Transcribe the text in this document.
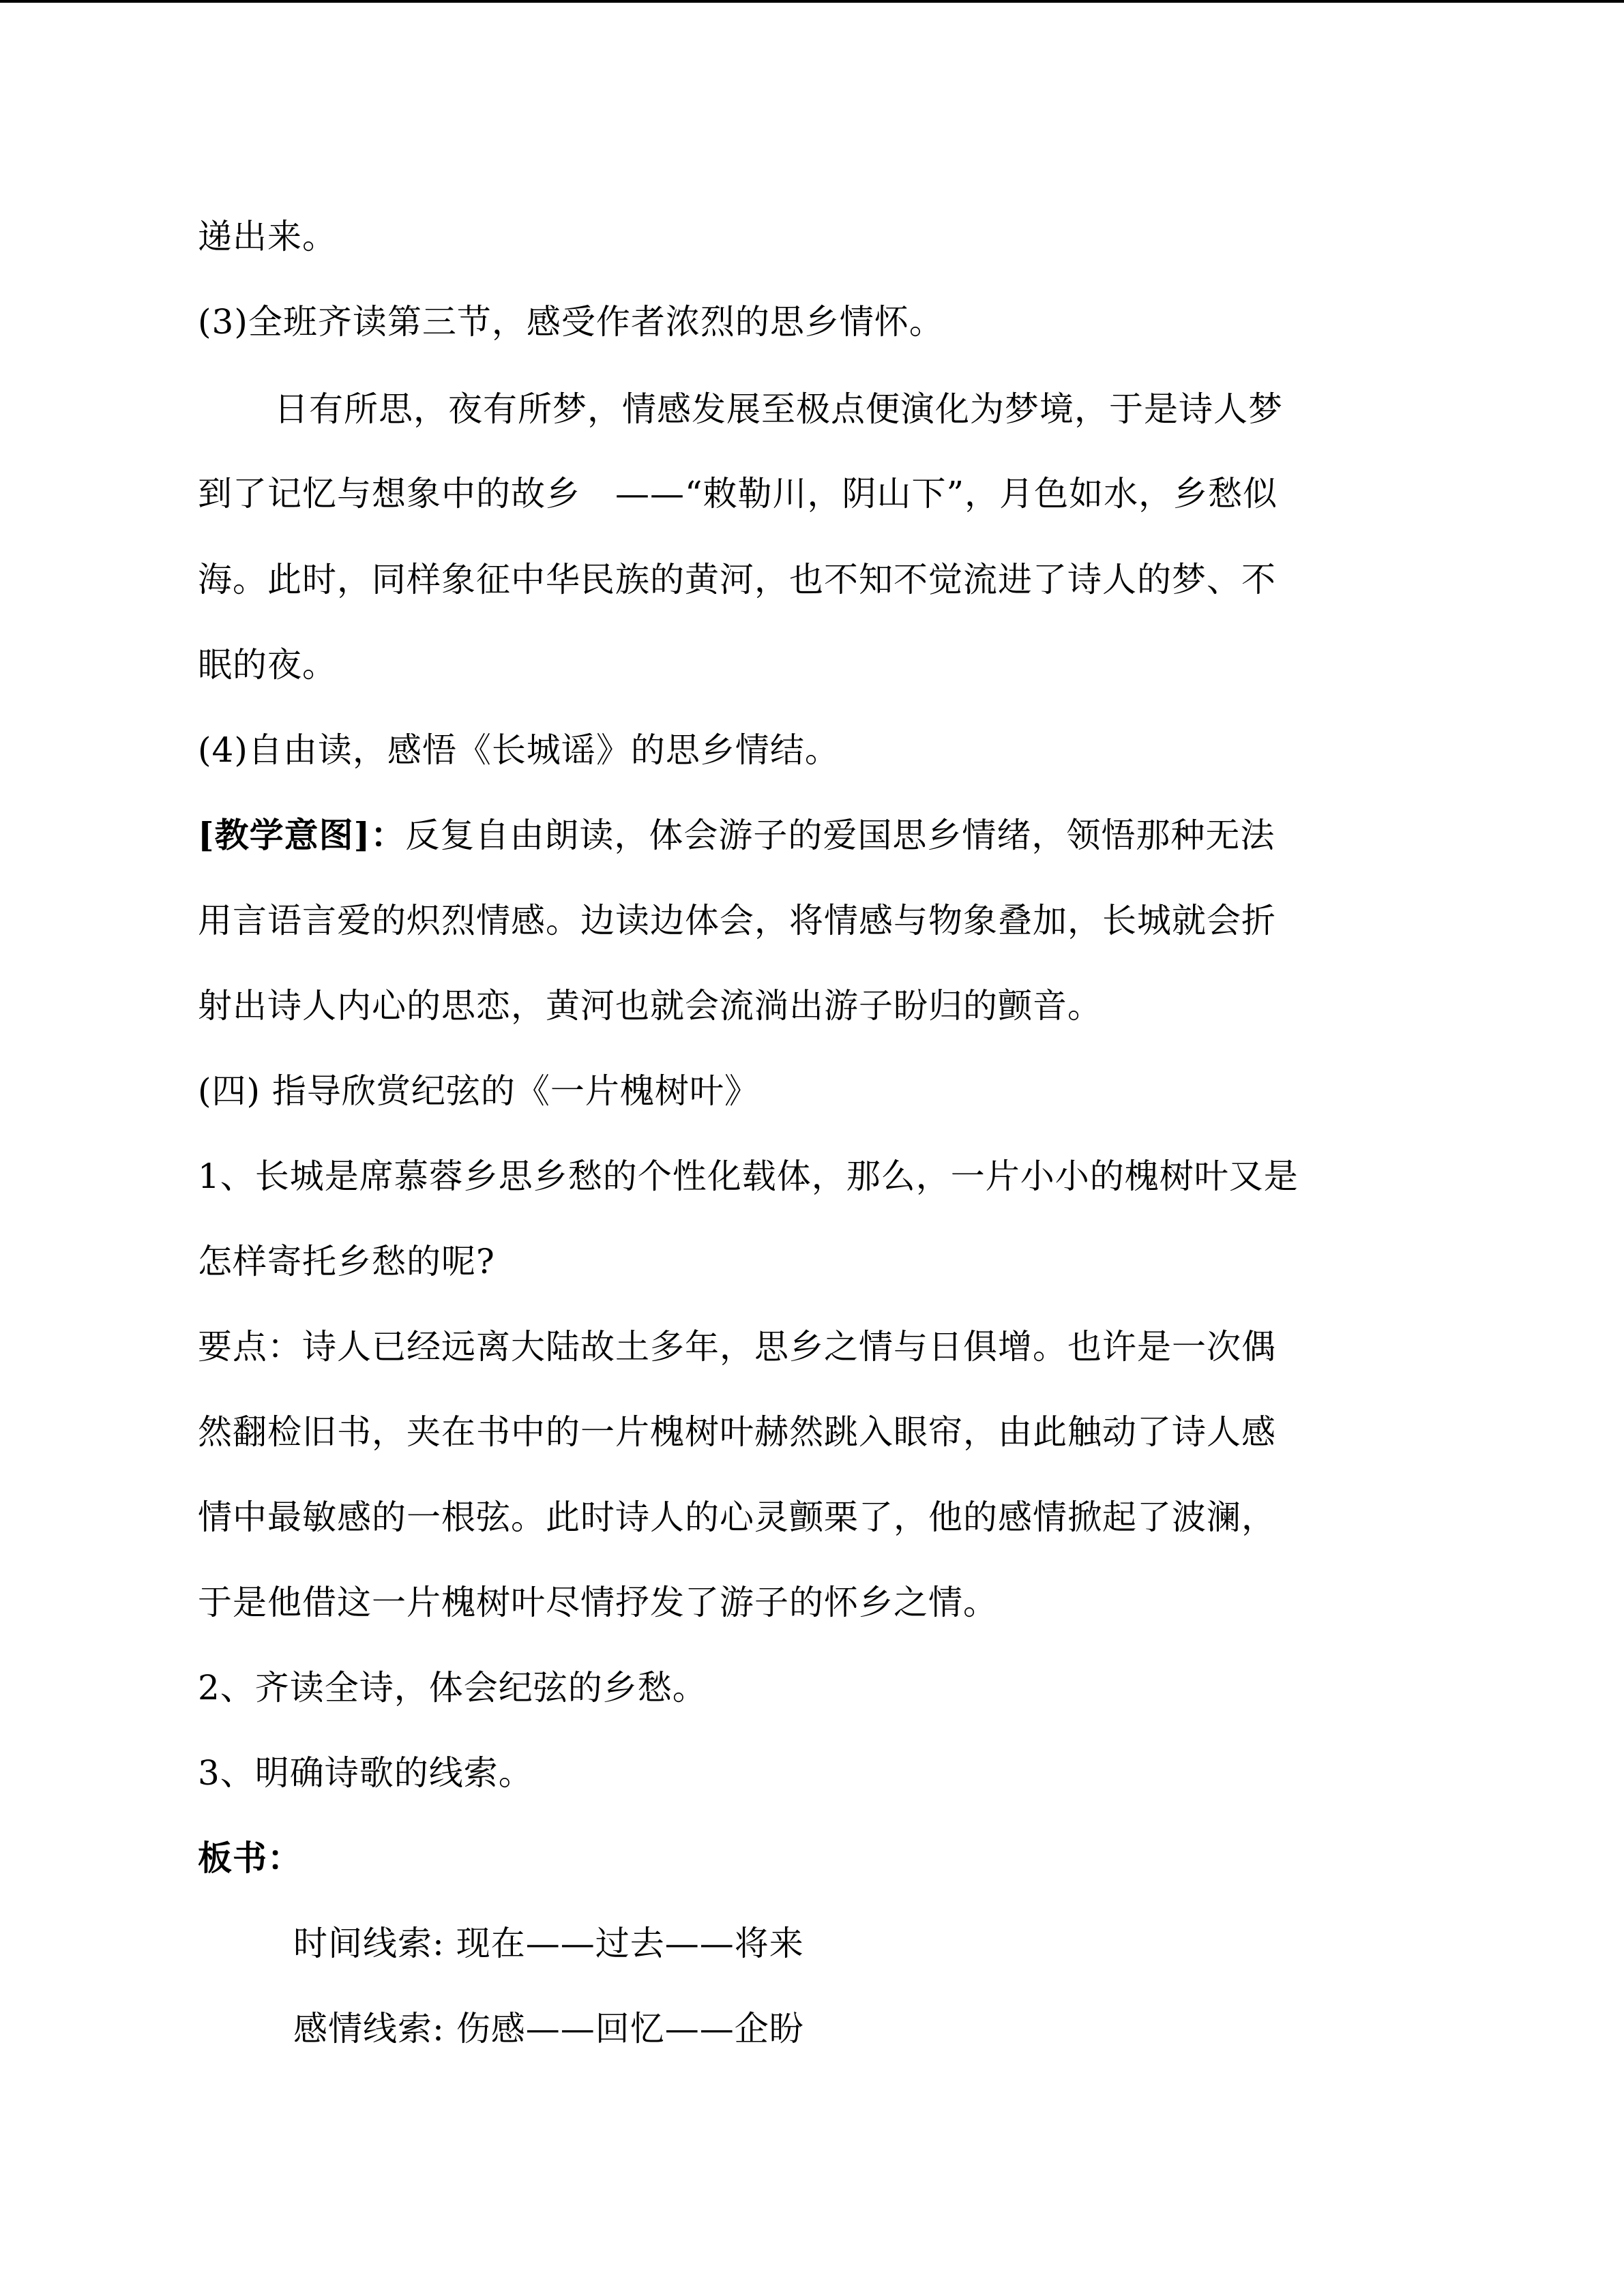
递出来。
(3)全班齐读第三节，感受作者浓烈的思乡情怀。
日有所思，夜有所梦，情感发展至极点便演化为梦境，于是诗人梦
到了记忆与想象中的故乡　——“敕勒川，阴山下”，月色如水，乡愁似
海。此时，同样象征中华民族的黄河，也不知不觉流进了诗人的梦、不
眠的夜。
(4)自由读，感悟《长城谣》的思乡情结。
[教学意图]：反复自由朗读，体会游子的爱国思乡情绪，领悟那种无法
用言语言爱的炽烈情感。边读边体会，将情感与物象叠加，长城就会折
射出诗人内心的思恋，黄河也就会流淌出游子盼归的颤音。
(四) 指导欣赏纪弦的《一片槐树叶》
1、长城是席慕蓉乡思乡愁的个性化载体，那么，一片小小的槐树叶又是
怎样寄托乡愁的呢?
要点：诗人已经远离大陆故土多年，思乡之情与日俱增。也许是一次偶
然翻检旧书，夹在书中的一片槐树叶赫然跳入眼帘，由此触动了诗人感
情中最敏感的一根弦。此时诗人的心灵颤栗了，他的感情掀起了波澜，
于是他借这一片槐树叶尽情抒发了游子的怀乡之情。
2、齐读全诗，体会纪弦的乡愁。
3、明确诗歌的线索。
板书：
时间线索: 现在——过去——将来
感情线索: 伤感——回忆——企盼
